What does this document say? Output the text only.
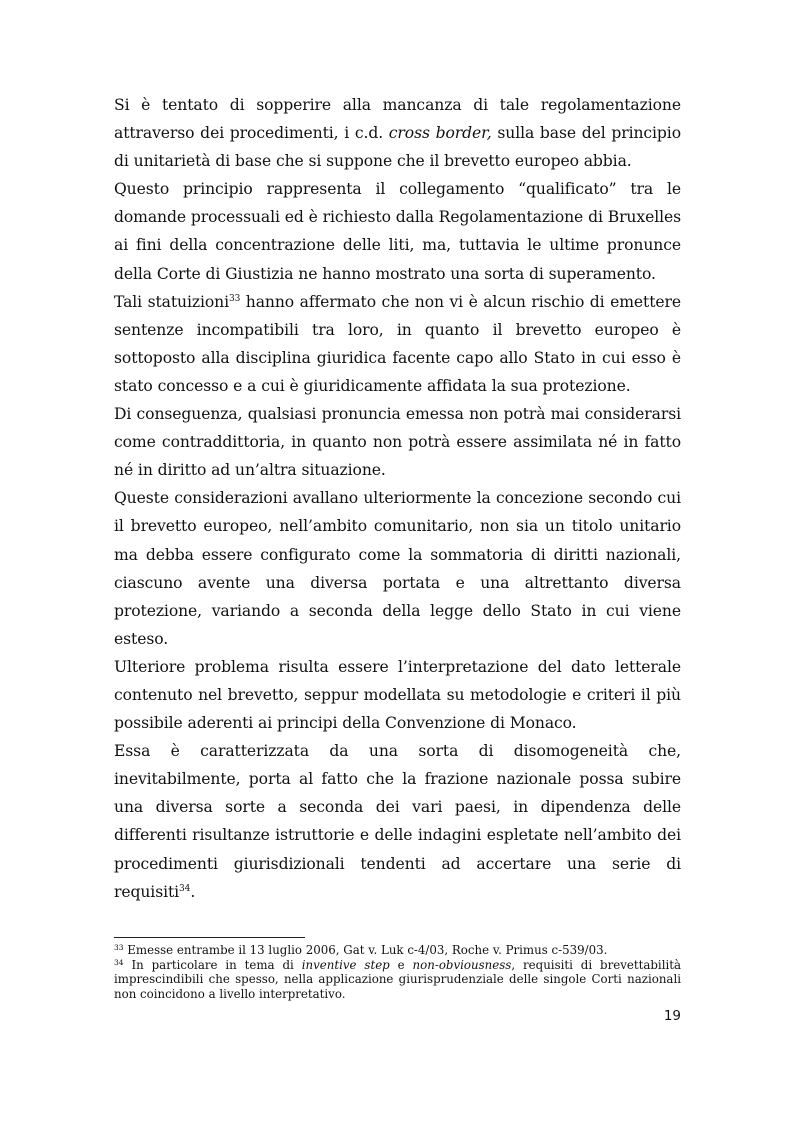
Si è tentato di sopperire alla mancanza di tale regolamentazione attraverso dei procedimenti, i c.d. cross border, sulla base del principio di unitarietà di base che si suppone che il brevetto europeo abbia.

Questo principio rappresenta il collegamento “qualificato” tra le domande processuali ed è richiesto dalla Regolamentazione di Bruxelles ai fini della concentrazione delle liti, ma, tuttavia le ultime pronunce della Corte di Giustizia ne hanno mostrato una sorta di superamento.

Tali statuizioni$^{33}$ hanno affermato che non vi è alcun rischio di emettere sentenze incompatibili tra loro, in quanto il brevetto europeo è sottoposto alla disciplina giuridica facente capo allo Stato in cui esso è stato concesso e a cui è giuridicamente affidata la sua protezione.

Di conseguenza, qualsiasi pronuncia emessa non potrà mai considerarsi come contraddittoria, in quanto non potrà essere assimilata né in fatto né in diritto ad un’altra situazione.

Queste considerazioni avallano ulteriormente la concezione secondo cui il brevetto europeo, nell’ambito comunitario, non sia un titolo unitario ma debba essere configurato come la sommatoria di diritti nazionali, ciascuno avente una diversa portata e una altrettanto diversa protezione, variando a seconda della legge dello Stato in cui viene esteso.

Ulteriore problema risulta essere l’interpretazione del dato letterale contenuto nel brevetto, seppur modellata su metodologie e criteri il più possibile aderenti ai principi della Convenzione di Monaco.

Essa è caratterizzata da una sorta di disomogeneità che, inevitabilmente, porta al fatto che la frazione nazionale possa subire una diversa sorte a seconda dei vari paesi, in dipendenza delle differenti risultanze istruttorie e delle indagini espletate nell’ambito dei procedimenti giurisdizionali tendenti ad accertare una serie di requisiti$^{34}$.

$^{33}$ Emesse entrambe il 13 luglio 2006, Gat v. Luk c-4/03, Roche v. Primus c-539/03.

$^{34}$ In particolare in tema di inventive step e non-obviousness, requisiti di brevettabilità imprescindibili che spesso, nella applicazione giurisprudenziale delle singole Corti nazionali non coincidono a livello interpretativo.

19
